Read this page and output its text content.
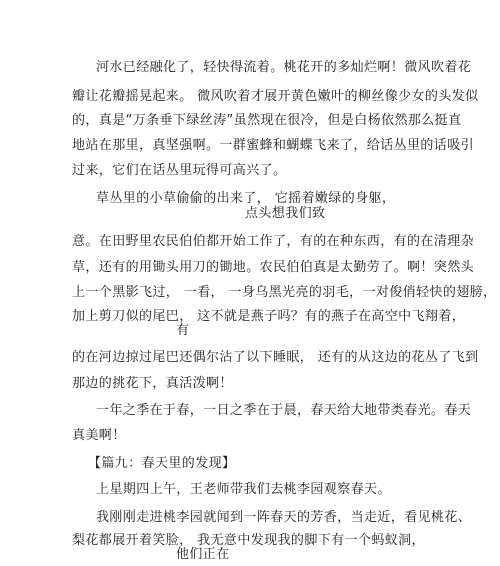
河水已经融化了，轻快得流着。桃花开的多灿烂啊！微风吹着花
瓣让花瓣摇晃起来。 微风吹着才展开黄色嫩叶的柳丝像少女的头发似
的，真是“万条垂下绿丝涛”虽然现在很冷，但是白杨依然那么挺直
地站在那里，真坚强啊。一群蜜蜂和蝴蝶飞来了，给话丛里的话吸引
过来，它们在话丛里玩得可高兴了。
草丛里的小草偷偷的出来了， 它摇着嫩绿的身躯，
点头想我们致
意。在田野里农民伯伯都开始工作了，有的在种东西，有的在清理杂
草，还有的用锄头用刀的锄地。农民伯伯真是太勤劳了。啊！突然头
上一个黑影飞过， 一看， 一身乌黑光亮的羽毛，一对俊俏轻快的翅膀，
加上剪刀似的尾巴， 这不就是燕子吗？有的燕子在高空中飞翔着，
有
的在河边掠过尾巴还偶尔沾了以下睡眠， 还有的从这边的花丛了飞到
那边的挑花下，真活泼啊！
一年之季在于春，一日之季在于晨，春天给大地带类春光。春天
真美啊！
【篇九：春天里的发现】
上星期四上午，王老师带我们去桃李园观察春天。
我刚刚走进桃李园就闻到一阵春天的芳香，当走近，看见桃花、
梨花都展开着笑脸， 我无意中发现我的脚下有一个蚂蚁洞，
他们正在
